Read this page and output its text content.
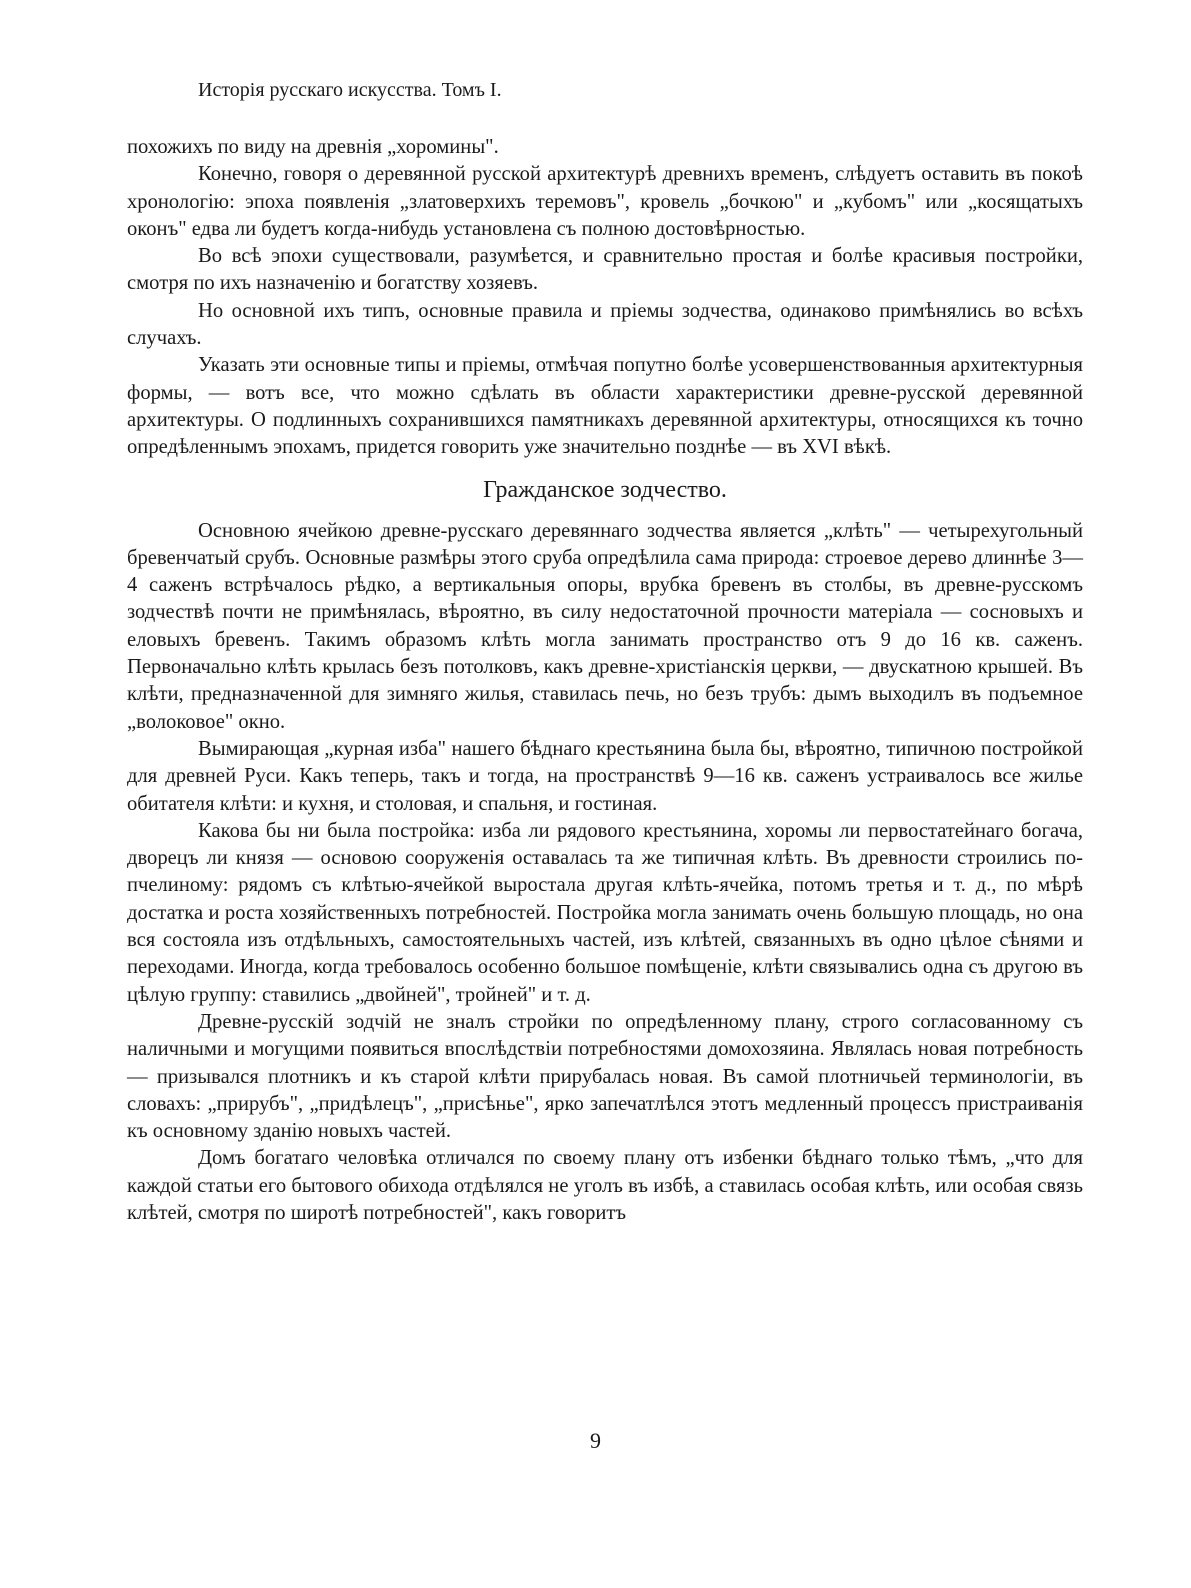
Исторія русскаго искусства. Томъ I.

похожихъ по виду на древнія „хоромины".

Конечно, говоря о деревянной русской архитектурѣ древнихъ временъ, слѣдуетъ оставить въ покоѣ хронологію: эпоха появленія „златоверхихъ теремовъ", кровель „бочкою" и „кубомъ" или „косящатыхъ оконъ" едва ли будетъ когда-нибудь установлена съ полною достовѣрностью.

Во всѣ эпохи существовали, разумѣется, и сравнительно простая и болѣе красивыя постройки, смотря по ихъ назначенію и богатству хозяевъ.

Но основной ихъ типъ, основные правила и пріемы зодчества, одинаково примѣнялись во всѣхъ случахъ.

Указать эти основные типы и пріемы, отмѣчая попутно болѣе усовершенствованныя архитектурныя формы, — вотъ все, что можно сдѣлать въ области характеристики древне-русской деревянной архитектуры. О подлинныхъ сохранившихся памятникахъ деревянной архитектуры, относящихся къ точно опредѣленнымъ эпохамъ, придется говорить уже значительно позднѣе — въ XVI вѣкѣ.

Гражданское зодчество.

Основною ячейкою древне-русскаго деревяннаго зодчества является „клѣть" — четырехугольный бревенчатый срубъ. Основные размѣры этого сруба опредѣлила сама природа: строевое дерево длиннѣе 3—4 саженъ встрѣчалось рѣдко, а вертикальныя опоры, врубка бревенъ въ столбы, въ древне-русскомъ зодчествѣ почти не примѣнялась, вѣроятно, въ силу недостаточной прочности матеріала — сосновыхъ и еловыхъ бревенъ. Такимъ образомъ клѣть могла занимать пространство отъ 9 до 16 кв. саженъ. Первоначально клѣть крылась безъ потолковъ, какъ древне-христіанскія церкви, — двускатною крышей. Въ клѣти, предназначенной для зимняго жилья, ставилась печь, но безъ трубъ: дымъ выходилъ въ подъемное „волоковое" окно.

Вымирающая „курная изба" нашего бѣднаго крестьянина была бы, вѣроятно, типичною постройкой для древней Руси. Какъ теперь, такъ и тогда, на пространствѣ 9—16 кв. саженъ устраивалось все жилье обитателя клѣти: и кухня, и столовая, и спальня, и гостиная.

Какова бы ни была постройка: изба ли рядового крестьянина, хоромы ли первостатейнаго богача, дворецъ ли князя — основою сооруженія оставалась та же типичная клѣть. Въ древности строились по-пчелиному: рядомъ съ клѣтью-ячейкой выростала другая клѣть-ячейка, потомъ третья и т. д., по мѣрѣ достатка и роста хозяйственныхъ потребностей. Постройка могла занимать очень большую площадь, но она вся состояла изъ отдѣльныхъ, самостоятельныхъ частей, изъ клѣтей, связанныхъ въ одно цѣлое сѣнями и переходами. Иногда, когда требовалось особенно большое помѣщеніе, клѣти связывались одна съ другою въ цѣлую группу: ставились „двойней", тройней" и т. д.

Древне-русскій зодчій не зналъ стройки по опредѣленному плану, строго согласованному съ наличными и могущими появиться впослѣдствіи потребностями домохозяина. Являлась новая потребность — призывался плотникъ и къ старой клѣти прирубалась новая. Въ самой плотничьей терминологіи, въ словахъ: „прирубъ", „придѣлецъ", „присѣнье", ярко запечатлѣлся этотъ медленный процессъ пристраиванія къ основному зданію новыхъ частей.

Домъ богатаго человѣка отличался по своему плану отъ избенки бѣднаго только тѣмъ, „что для каждой статьи его бытового обихода отдѣлялся не уголъ въ избѣ, а ставилась особая клѣть, или особая связь клѣтей, смотря по широтѣ потребностей", какъ говоритъ

9
